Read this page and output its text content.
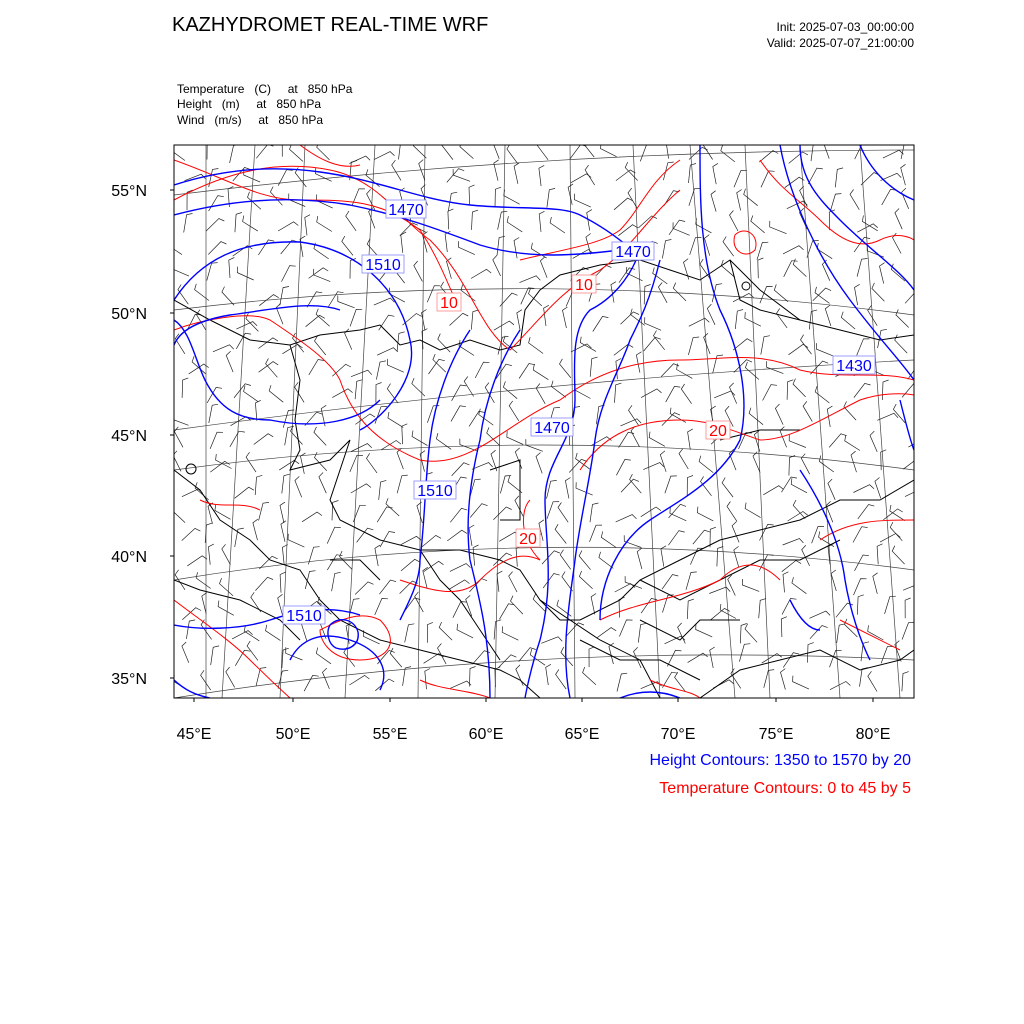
KAZHYDROMET REAL-TIME WRF	Init: 2025-07-03_00:00:00
Valid: 2025-07-07_21:00:00
Temperature   (C)     at   850 hPa
Height   (m)     at   850 hPa
Wind   (m/s)     at   850 hPa
1470
1470
1510
1470
1510
1430
1510
10
10
20
20
55°N
50°N
45°N
40°N
35°N
45°E	50°E	55°E	60°E	65°E	70°E	75°E	80°E
Height Contours: 1350 to 1570 by 20
Temperature Contours: 0 to 45 by 5
